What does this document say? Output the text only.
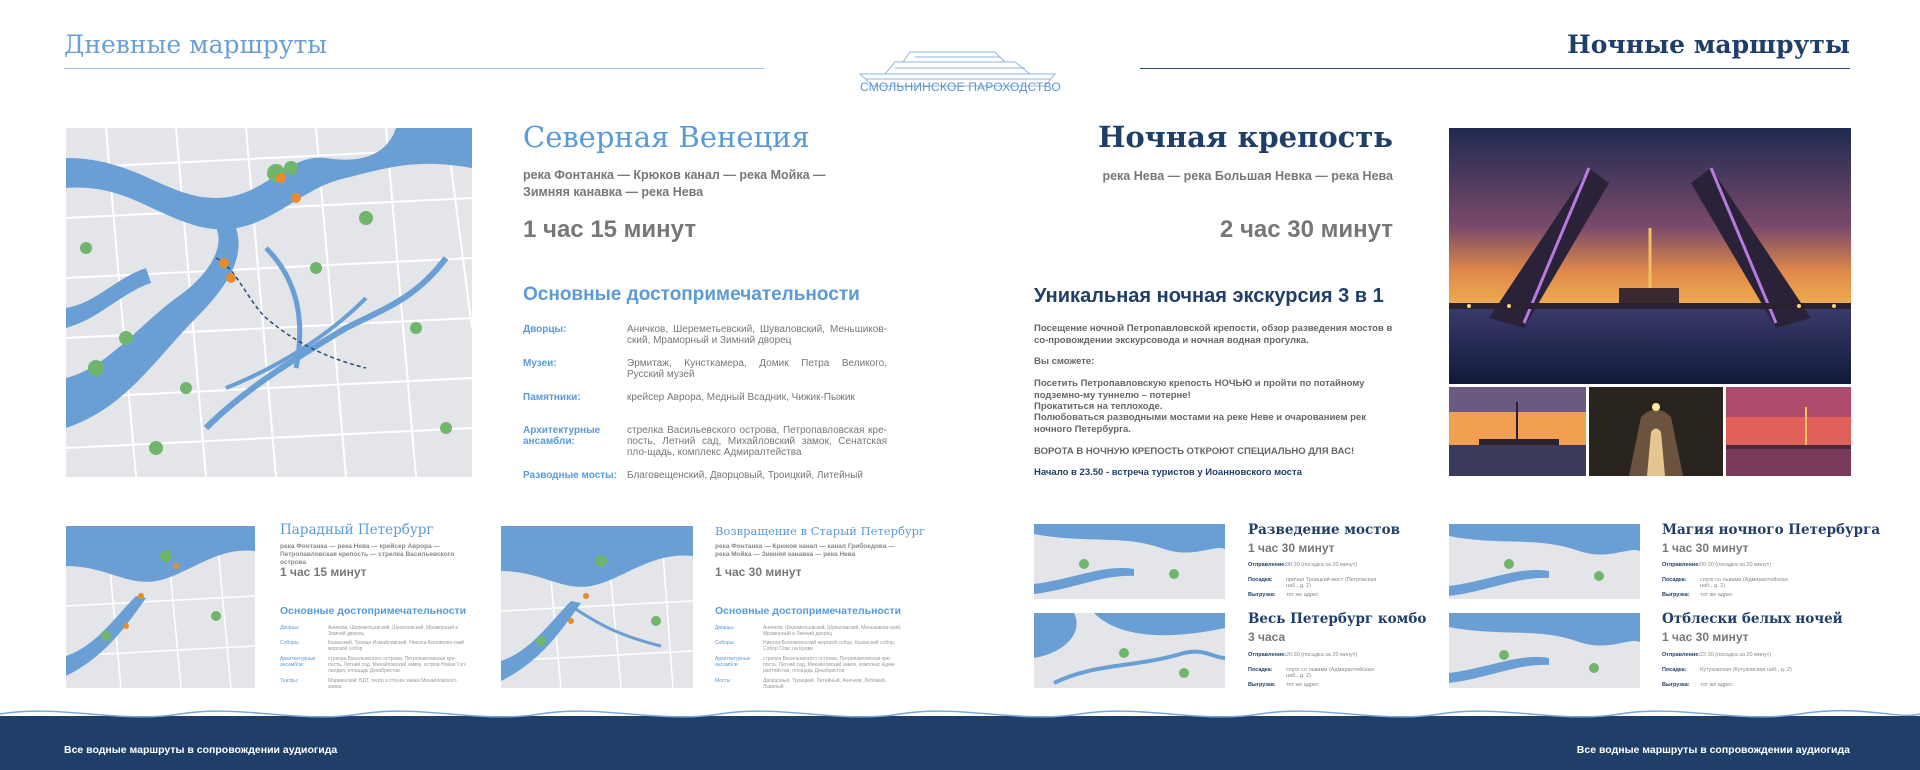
Дневные маршруты	Ночные маршруты
СМОЛЬНИНСКОЕ ПАРОХОДСТВО
Северная Венеция
река Фонтанка — Крюков канал — река Мойка — Зимняя канавка — река Нева
1 час 15 минут
Основные достопримечательности
Дворцы:	Аничков, Шереметьевский, Шуваловский, Меньшиков-ский, Мраморный и Зимний дворец
Музеи:	Эрмитаж, Кунсткамера, Домик Петра Великого, Русский музей
Памятники:	крейсер Аврора, Медный Всадник, Чижик-Пыжик
Архитектурные ансамбли:
стрелка Васильевского острова, Петропавловская кре-пость, Летний сад, Михайловский замок, Сенатская пло-щадь, комплекс Адмиралтейства
Разводные мосты: Благовещенский, Дворцовый, Троицкий, Литейный
Ночная крепость
река Нева — река Большая Невка — река Нева
2 час 30 минут
Уникальная ночная экскурсия 3 в 1
Посещение ночной Петропавловской крепости, обзор разведения мостов в со-провождении экскурсовода и ночная водная прогулка.
Вы сможете:
Посетить Петропавловскую крепость НОЧЬЮ и пройти по потайному подземно-му туннелю – потерне!
Прокатиться на теплоходе.
Полюбоваться разводными мостами на реке Неве и очарованием рек ночного Петербурга.
ВОРОТА В НОЧНУЮ КРЕПОСТЬ ОТКРОЮТ СПЕЦИАЛЬНО ДЛЯ ВАС!
Начало в 23.50 - встреча туристов у Иоанновского моста
Парадный Петербург
река Фонтанка — река Нева — крейсер Аврора — Петропавловская крепость — стрелка Васильевского острова
1 час 15 минут
Основные достопримечательности
Дворцы:	Аничков, Шереметьевский, Шуваловский, Мраморный и Зимний дворец
Соборы:	Казанский, Троице-Измайловский, Никола-Богоявлен-ский морской собор
Архитектурные ансамбли:
стрелка Васильевского острова, Петропавловская кре-пость, Летний сад, Михайловский замок, остров Новая Гол-ландия, площадь Декабристов
Театры:	Мариинский, БДТ, театр в стенах замка Михайловского замка
Возвращение в Старый Петербург
река Фонтанка — Крюков канал — канал Грибоедова — река Мойка — Зимняя канавка — река Нева
1 час 30 минут
Основные достопримечательности
Дворцы:	Аничков, Шереметьевский, Шуваловский, Меньшиков-ский, Мраморный и Зимний дворец
Соборы:	Никола-Богоявленский морской собор, Казанский собор, Собор Спас на Крови
Архитектурные ансамбли:
стрелка Васильевского острова, Петропавловская кре-пость, Летний сад, Михайловский замок, комплекс Адми-ралтейства, площадь Декабристов
Мосты:	Дворцовый, Троицкий, Литейный, Аничков, Лебяжий, Львиный
Разведение мостов
1 час 30 минут
Отправление: 00:30 (посадка за 20 минут)
Посадка: причал Троицкий мост (Петровская наб., д. 2)
Выгрузка: тот же адрес
Магия ночного Петербурга
1 час 30 минут
Отправление: 00:30 (посадка за 20 минут)
Посадка: спуск со львами (Адмиралтейская наб., д. 2)
Выгрузка: тот же адрес
Весь Петербург комбо
3 часа
Отправление: 20:30 (посадка за 20 минут)
Посадка: спуск со львами (Адмиралтейская наб., д. 2)
Выгрузка: тот же адрес
Отблески белых ночей
1 час 30 минут
Отправление: 22:30 (посадка за 20 минут)
Посадка: Кутузовская (Кутузовская наб., д. 2)
Выгрузка: тот же адрес
Все водные маршруты в сопровождении аудиогида	Все водные маршруты в сопровождении аудиогида
